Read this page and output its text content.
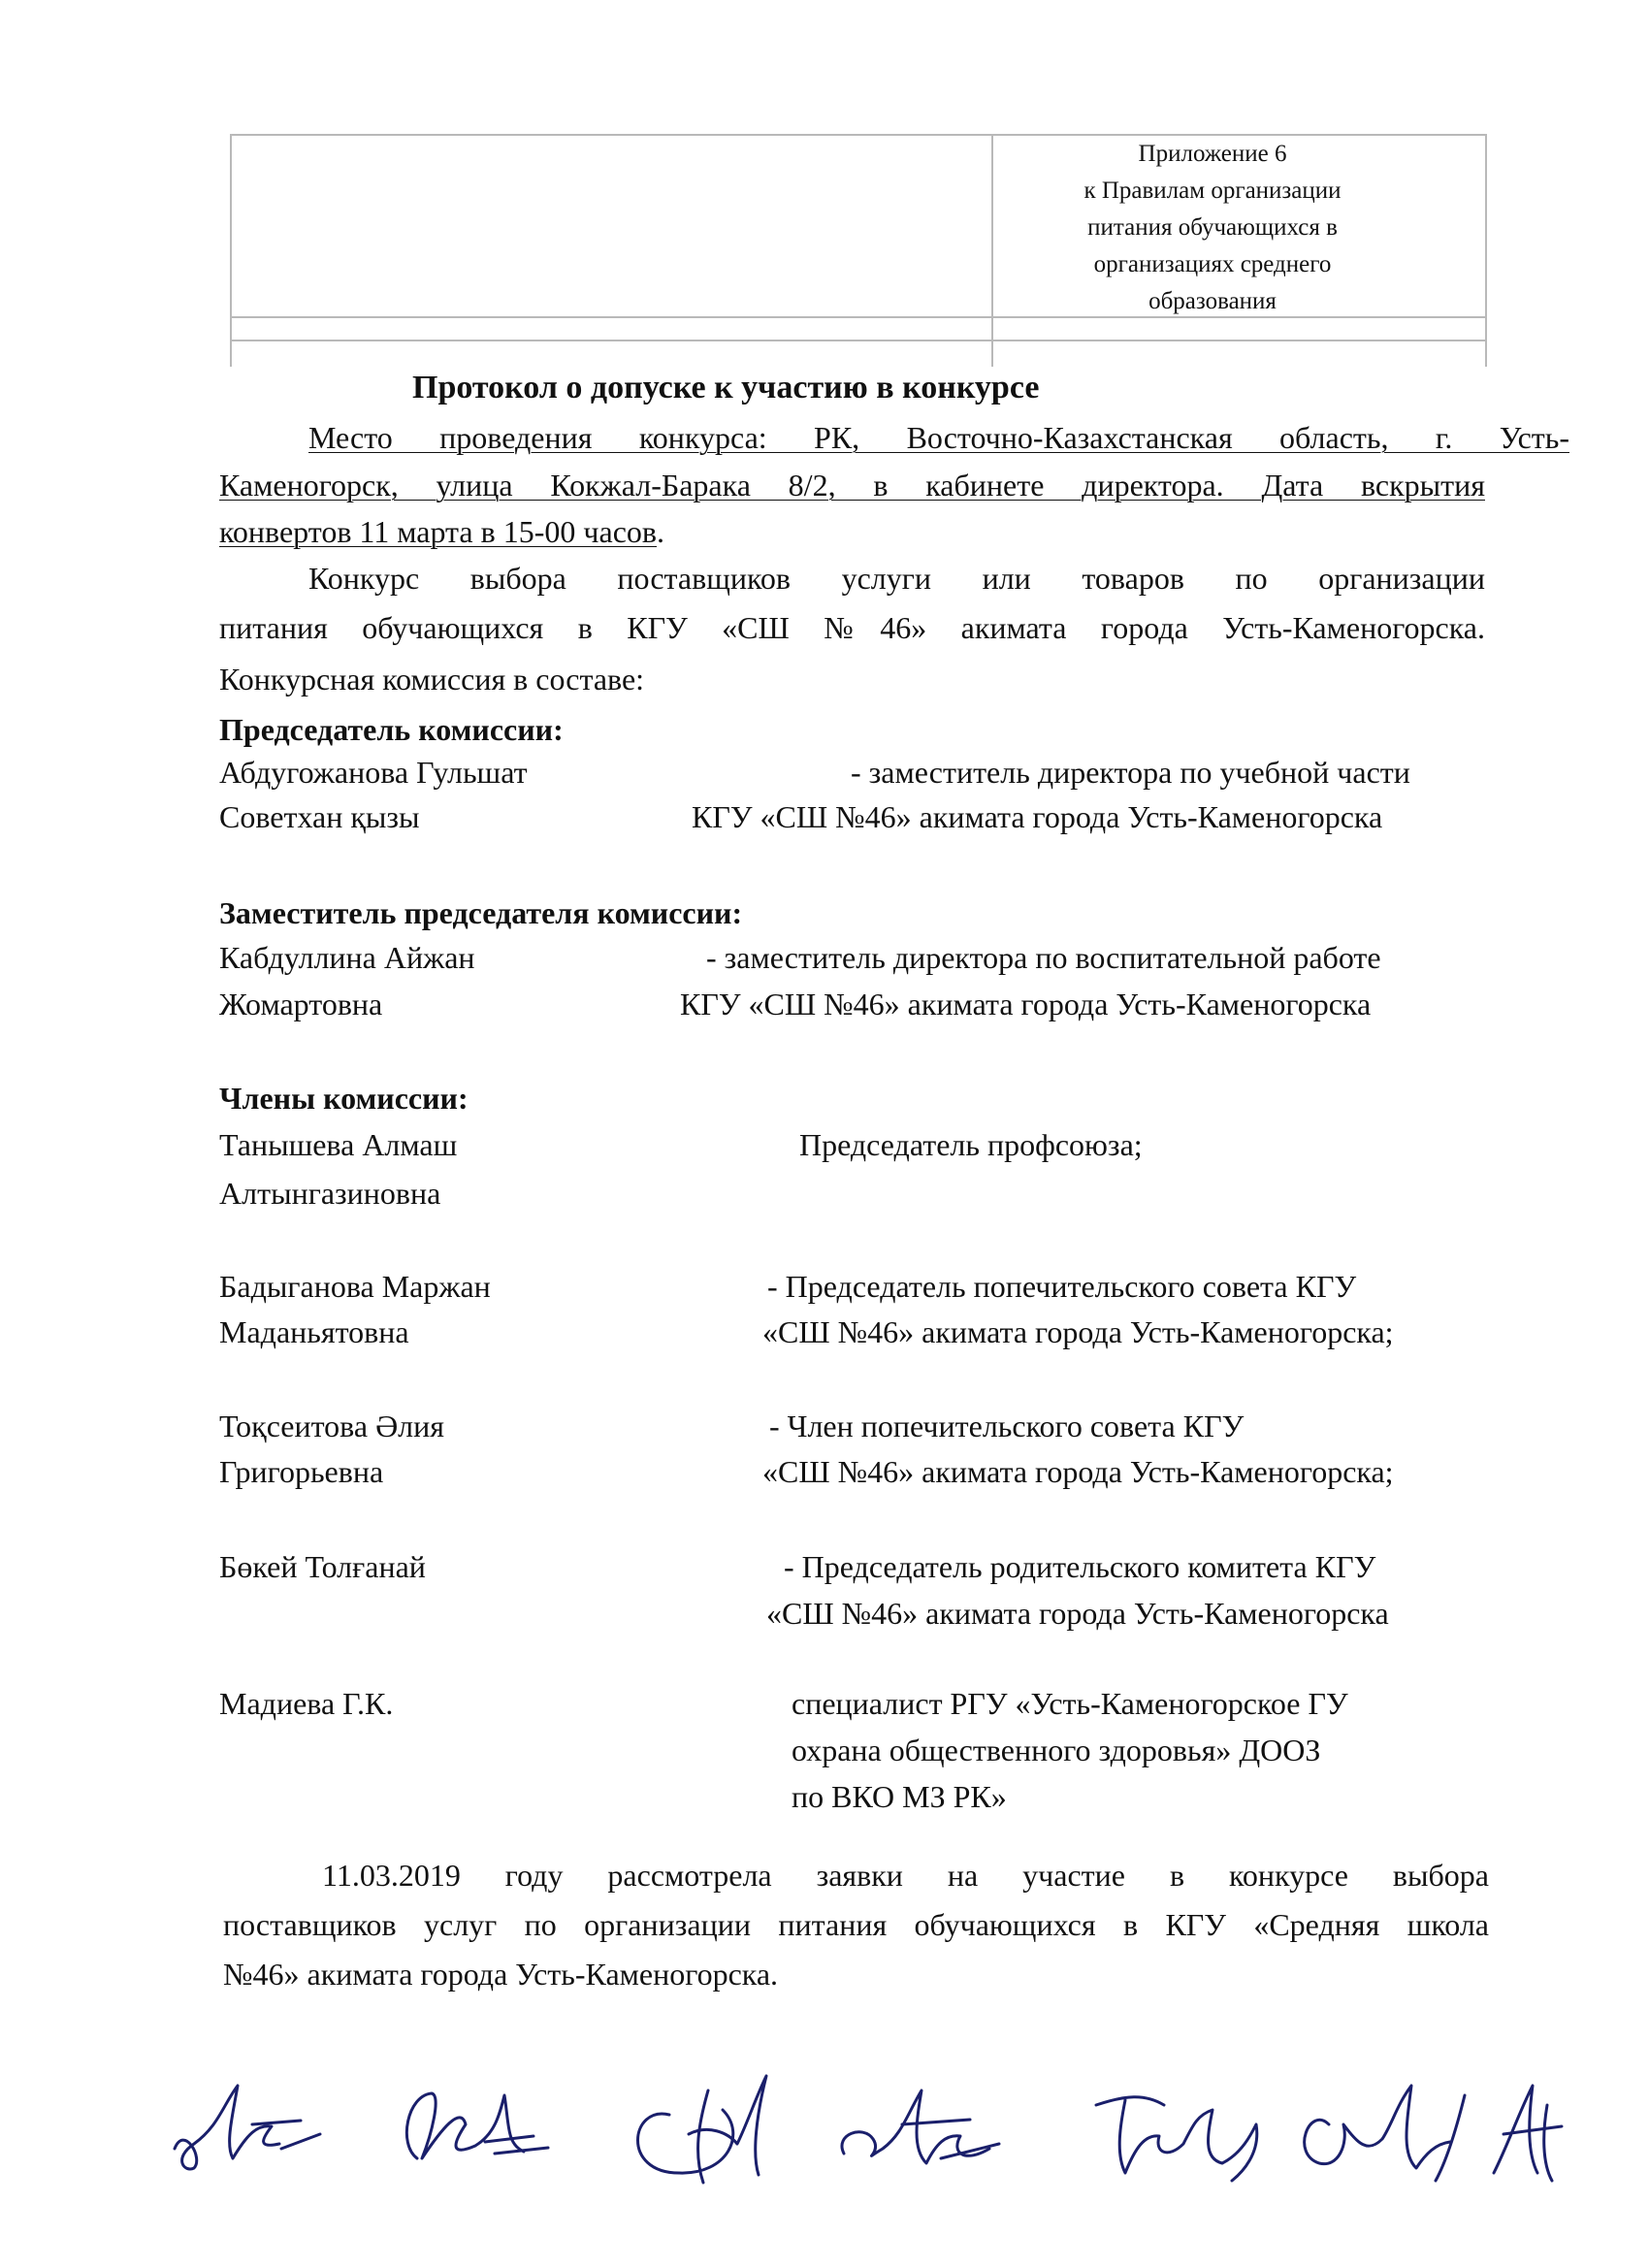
Приложение 6
к Правилам организации
питания обучающихся в
организациях среднего
образования
Протокол о допуске к участию в конкурсе
Место проведения конкурса: РК, Восточно-Казахстанская область, г. Усть-
Каменогорск, улица Кокжал-Барака 8/2, в кабинете директора. Дата вскрытия
конвертов 11 марта в 15-00 часов.
Конкурс выбора поставщиков услуги или товаров по организации
питания обучающихся в КГУ «СШ №46» акимата города Усть-Каменогорска.
Конкурсная комиссия в составе:
Председатель комиссии:
Абдугожанова Гульшат
Советхан қызы
- заместитель директора по учебной части
КГУ «СШ №46» акимата города Усть-Каменогорска
Заместитель председателя комиссии:
Кабдуллина Айжан
Жомартовна
- заместитель директора по воспитательной работе
КГУ «СШ №46» акимата города Усть-Каменогорска
Члены комиссии:
Танышева Алмаш
Алтынгазиновна
Председатель профсоюза;
Бадыганова Маржан
Маданьятовна
- Председатель попечительского совета КГУ
«СШ №46» акимата города Усть-Каменогорска;
Тоқсеитова Әлия
Григорьевна
- Член попечительского совета КГУ
«СШ №46» акимата города Усть-Каменогорска;
Бөкей Толғанай	- Председатель родительского комитета КГУ
«СШ №46» акимата города Усть-Каменогорска
Мадиева Г.К.	специалист РГУ «Усть-Каменогорское ГУ
охрана общественного здоровья» ДООЗ
по ВКО МЗ РК»
11.03.2019 году рассмотрела заявки на участие в конкурсе выбора
поставщиков услуг по организации питания обучающихся в КГУ «Средняя школа
№46» акимата города Усть-Каменогорска.
